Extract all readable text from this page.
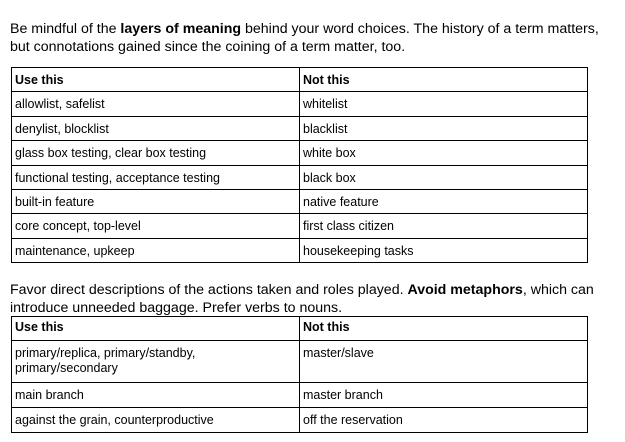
Be mindful of the layers of meaning behind your word choices. The history of a term matters, but connotations gained since the coining of a term matter, too.

Use this	Not this
allowlist, safelist	whitelist
denylist, blocklist	blacklist
glass box testing, clear box testing	white box
functional testing, acceptance testing	black box
built-in feature	native feature
core concept, top-level	first class citizen
maintenance, upkeep	housekeeping tasks

Favor direct descriptions of the actions taken and roles played. Avoid metaphors, which can introduce unneeded baggage. Prefer verbs to nouns.

Use this	Not this
primary/replica, primary/standby, primary/secondary	master/slave
main branch	master branch
against the grain, counterproductive	off the reservation
